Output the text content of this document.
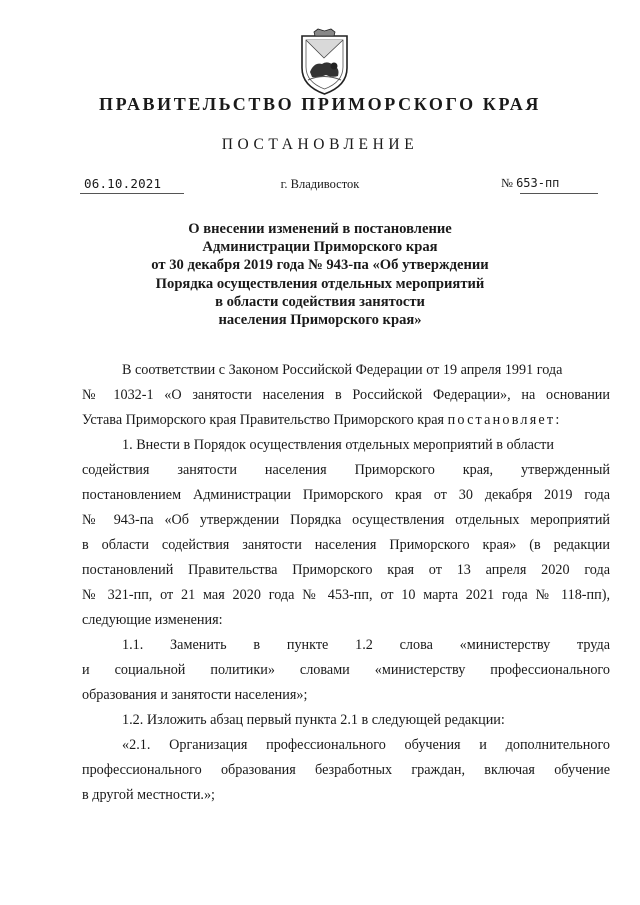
ПРАВИТЕЛЬСТВО ПРИМОРСКОГО КРАЯ
ПОСТАНОВЛЕНИЕ
06.10.2021	г. Владивосток	№ 653-пп
О внесении изменений в постановление
Администрации Приморского края
от 30 декабря 2019 года № 943-па «Об утверждении
Порядка осуществления отдельных мероприятий
в области содействия занятости
населения Приморского края»
В соответствии с Законом Российской Федерации от 19 апреля 1991 года
№ 1032-1 «О занятости населения в Российской Федерации», на основании
Устава Приморского края Правительство Приморского края постановляет:
1. Внести в Порядок осуществления отдельных мероприятий в области
содействия занятости населения Приморского края, утвержденный
постановлением Администрации Приморского края от 30 декабря 2019 года
№ 943-па «Об утверждении Порядка осуществления отдельных мероприятий
в области содействия занятости населения Приморского края» (в редакции
постановлений Правительства Приморского края от 13 апреля 2020 года
№ 321-пп, от 21 мая 2020 года № 453-пп, от 10 марта 2021 года № 118-пп),
следующие изменения:
1.1. Заменить в пункте 1.2 слова «министерству труда
и социальной политики» словами «министерству профессионального
образования и занятости населения»;
1.2. Изложить абзац первый пункта 2.1 в следующей редакции:
«2.1. Организация профессионального обучения и дополнительного
профессионального образования безработных граждан, включая обучение
в другой местности.»;
